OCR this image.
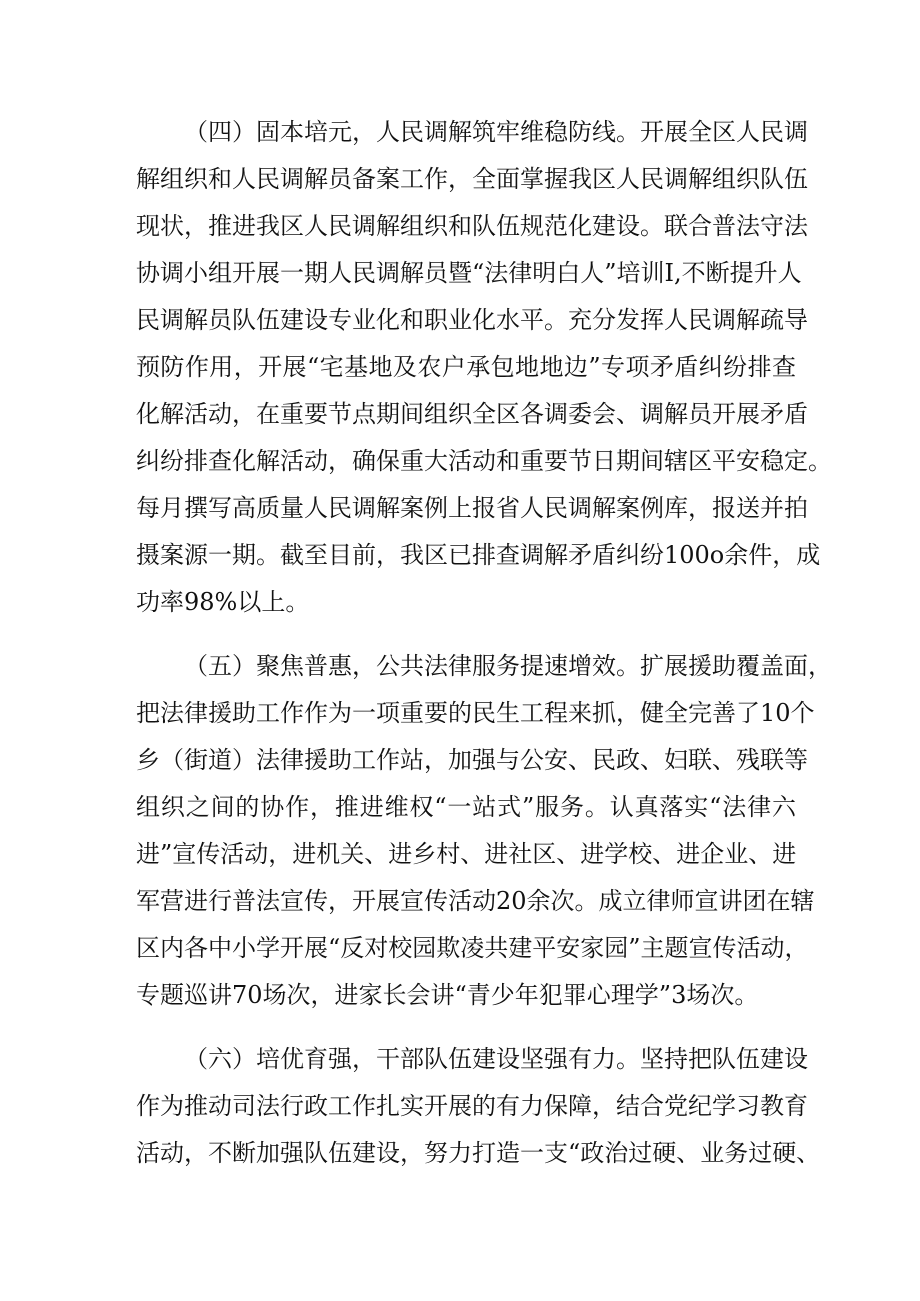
（四）固本培元，人民调解筑牢维稳防线。开展全区人民调
解组织和人民调解员备案工作，全面掌握我区人民调解组织队伍
现状，推进我区人民调解组织和队伍规范化建设。联合普法守法
协调小组开展一期人民调解员暨“法律明白人”培训I,不断提升人
民调解员队伍建设专业化和职业化水平。充分发挥人民调解疏导
预防作用，开展“宅基地及农户承包地地边”专项矛盾纠纷排查
化解活动，在重要节点期间组织全区各调委会、调解员开展矛盾
纠纷排查化解活动，确保重大活动和重要节日期间辖区平安稳定。
每月撰写高质量人民调解案例上报省人民调解案例库，报送并拍
摄案源一期。截至目前，我区已排查调解矛盾纠纷100o余件，成
功率98%以上。
（五）聚焦普惠，公共法律服务提速增效。扩展援助覆盖面，
把法律援助工作作为一项重要的民生工程来抓，健全完善了10个
乡（街道）法律援助工作站，加强与公安、民政、妇联、残联等
组织之间的协作，推进维权“一站式”服务。认真落实“法律六
进”宣传活动，进机关、进乡村、进社区、进学校、进企业、进
军营进行普法宣传，开展宣传活动20余次。成立律师宣讲团在辖
区内各中小学开展“反对校园欺凌共建平安家园”主题宣传活动，
专题巡讲70场次，进家长会讲“青少年犯罪心理学”3场次。
（六）培优育强，干部队伍建设坚强有力。坚持把队伍建设
作为推动司法行政工作扎实开展的有力保障，结合党纪学习教育
活动，不断加强队伍建设，努力打造一支“政治过硬、业务过硬、
